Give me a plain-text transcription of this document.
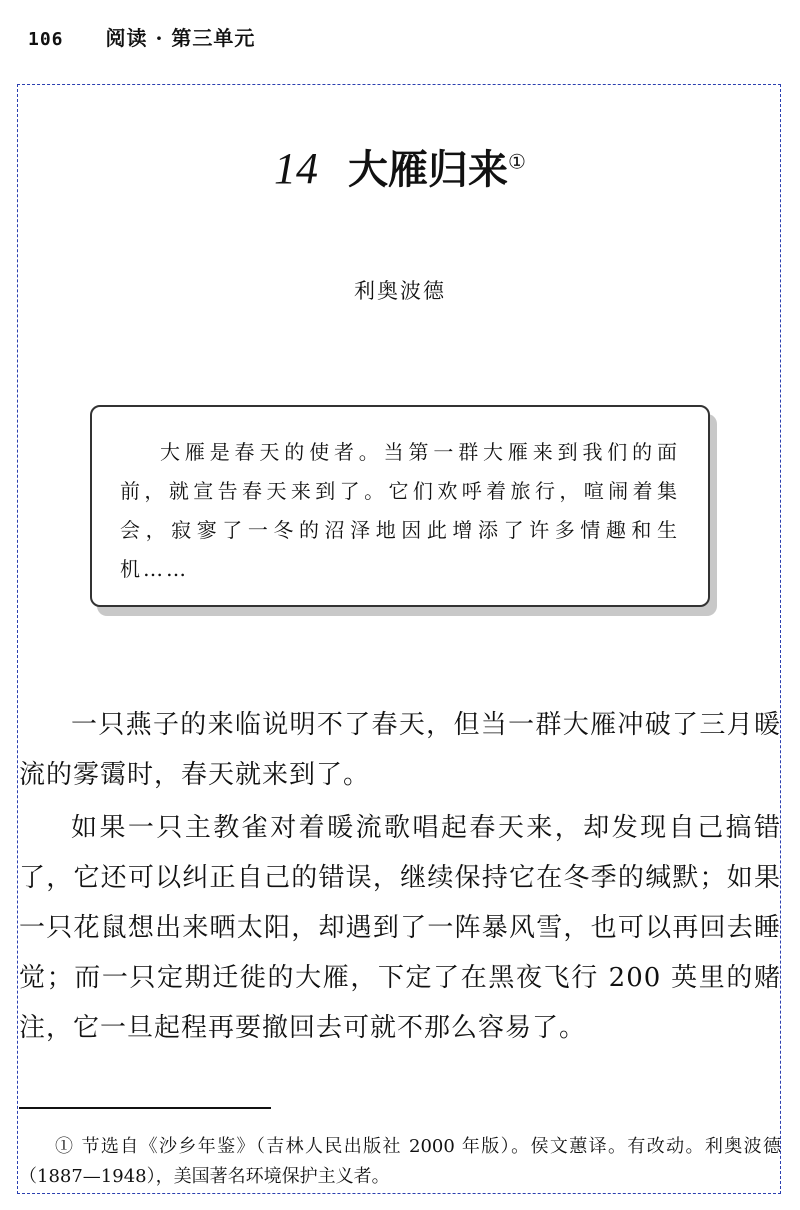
106 阅读 · 第三单元
14 大雁归来①
利奥波德
大雁是春天的使者。当第一群大雁来到我们的面前，就宣告春天来到了。它们欢呼着旅行，喧闹着集会，寂寥了一冬的沼泽地因此增添了许多情趣和生机……

一只燕子的来临说明不了春天，但当一群大雁冲破了三月暖流的雾霭时，春天就来到了。

如果一只主教雀对着暖流歌唱起春天来，却发现自己搞错了，它还可以纠正自己的错误，继续保持它在冬季的缄默；如果一只花鼠想出来晒太阳，却遇到了一阵暴风雪，也可以再回去睡觉；而一只定期迁徙的大雁，下定了在黑夜飞行 200 英里的赌注，它一旦起程再要撤回去可就不那么容易了。

① 节选自《沙乡年鉴》（吉林人民出版社 2000 年版）。侯文蕙译。有改动。利奥波德（1887—1948），美国著名环境保护主义者。
